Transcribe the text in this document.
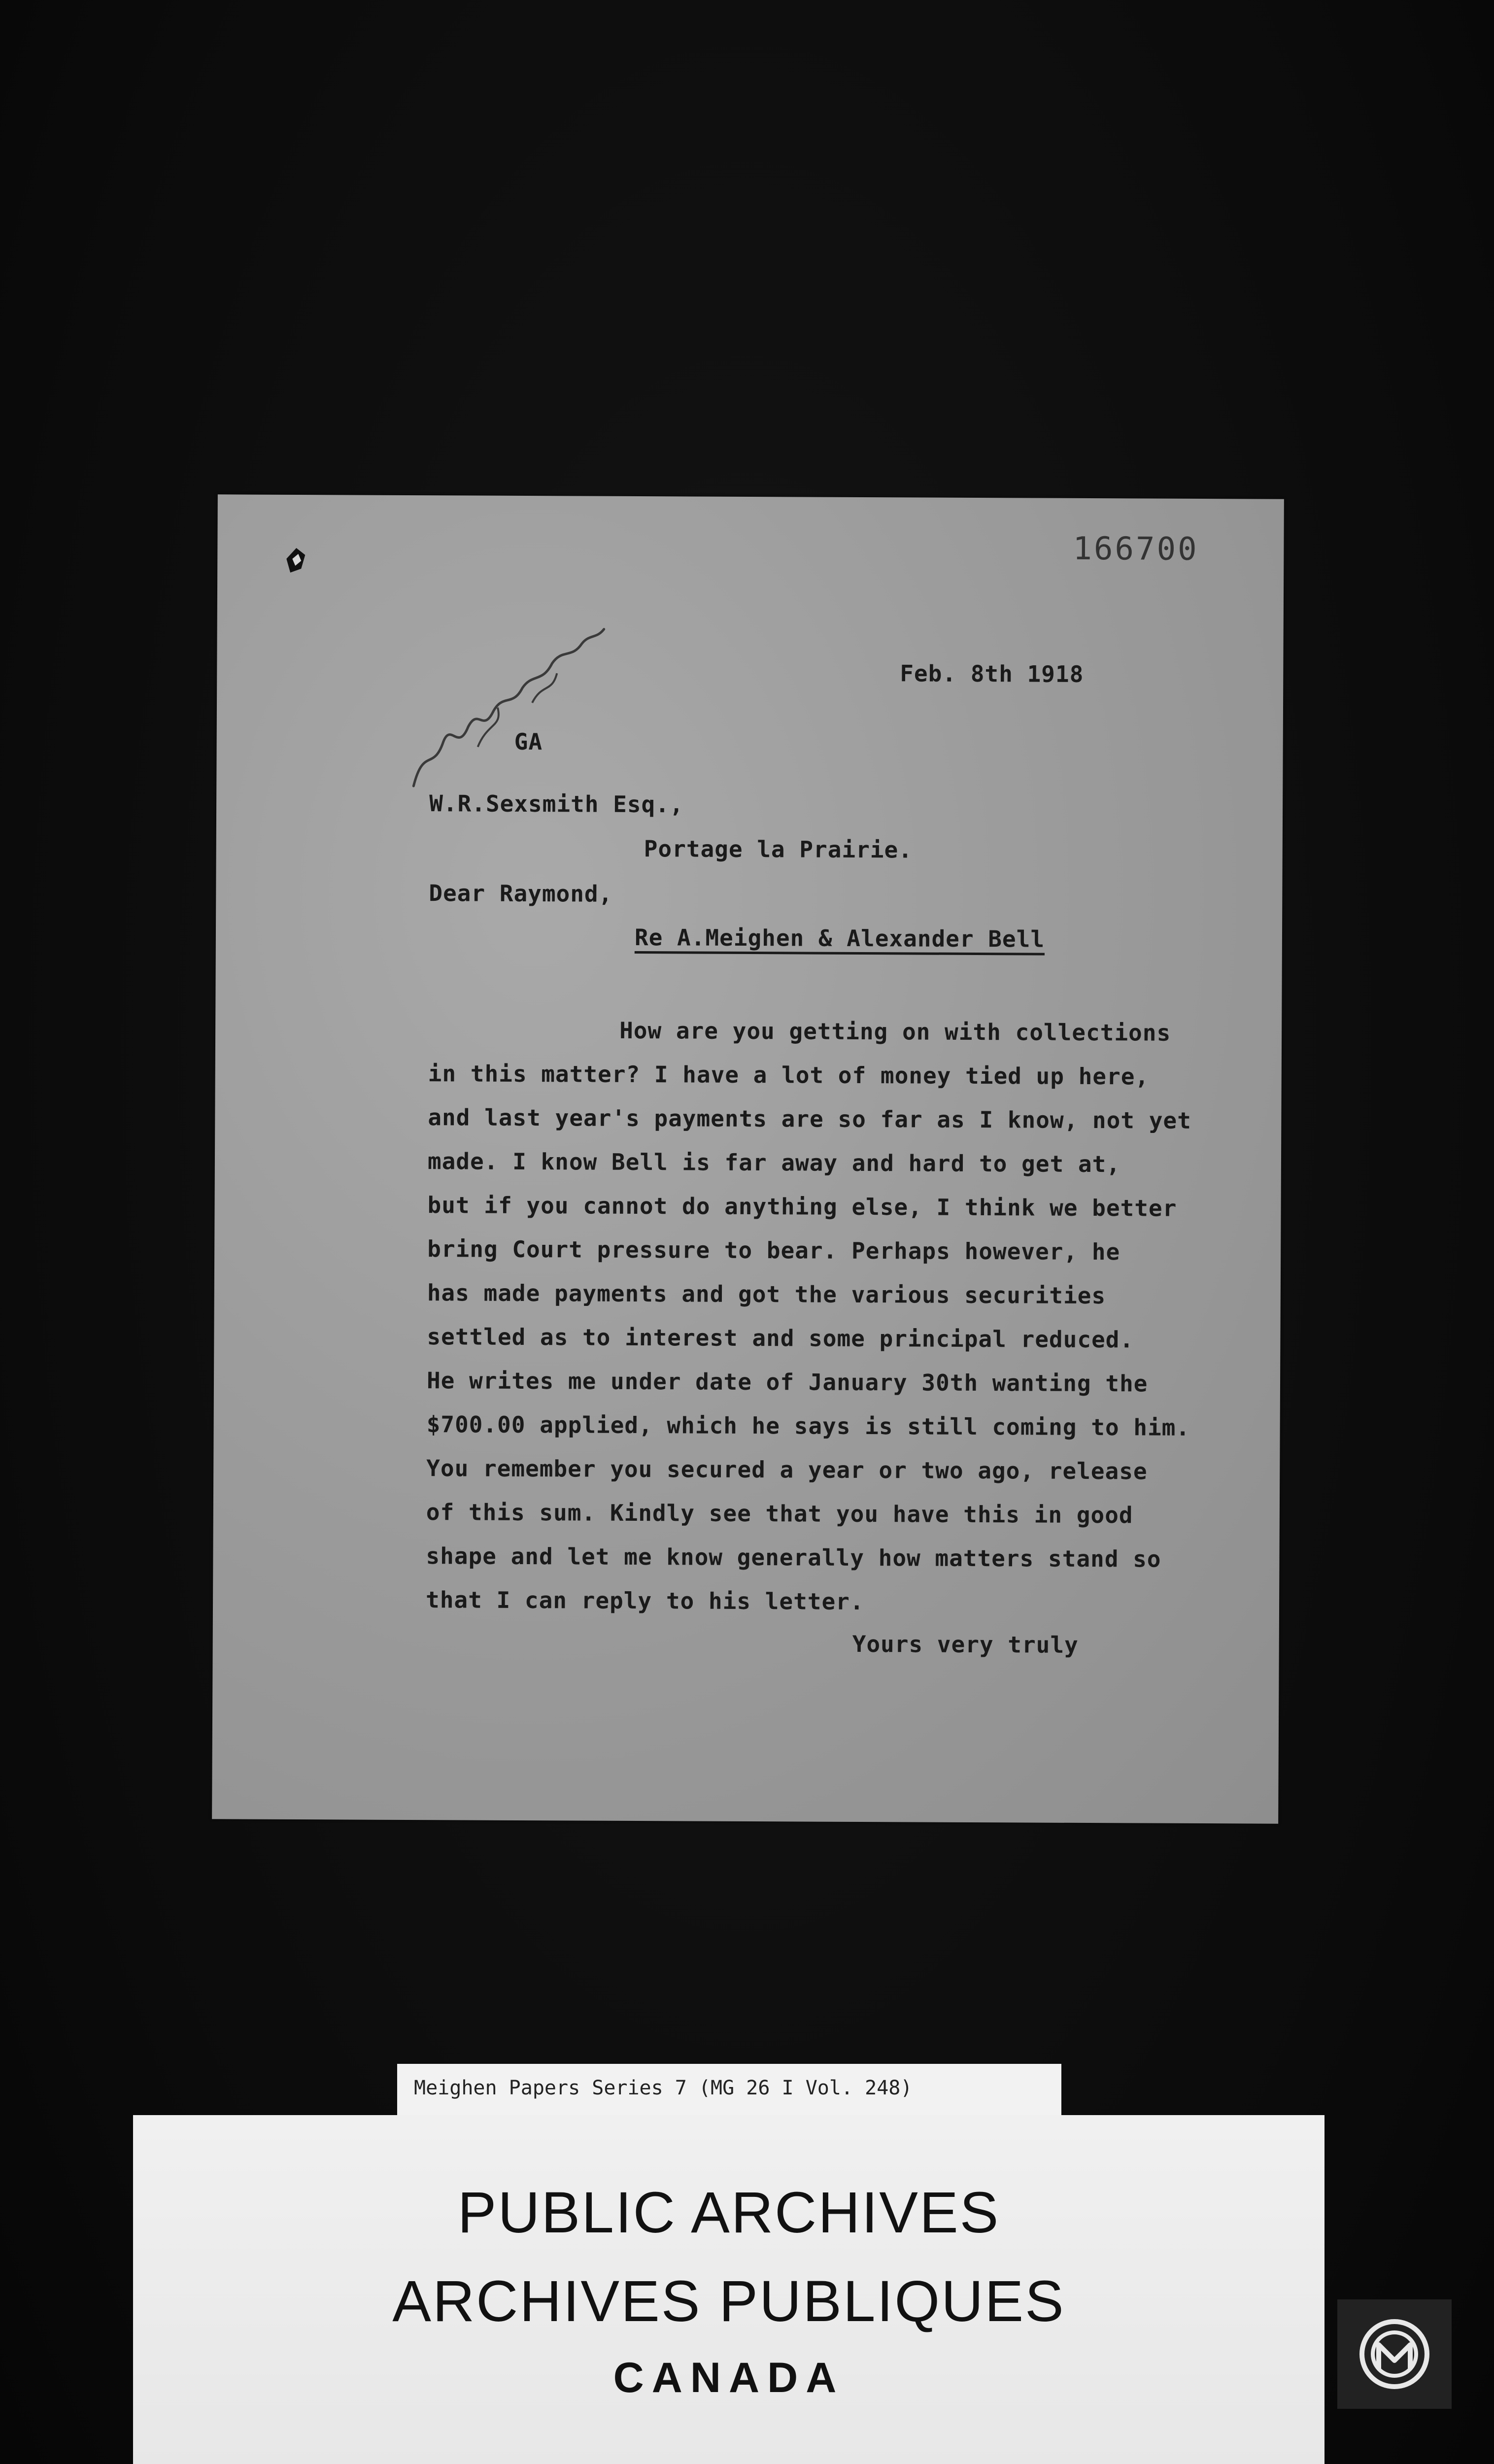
166700
Feb. 8th 1918
GA
W.R.Sexsmith Esq.,
Portage la Prairie.
Dear Raymond,
Re A.Meighen & Alexander Bell
How are you getting on with collections
in this matter? I have a lot of money tied up here,
and last year's payments are so far as I know, not yet
made. I know Bell is far away and hard to get at,
but if you cannot do anything else, I think we better
bring Court pressure to bear. Perhaps however, he
has made payments and got the various securities
settled as to interest and some principal reduced.
He writes me under date of January 30th wanting the
$700.00 applied, which he says is still coming to him.
You remember you secured a year or two ago, release
of this sum. Kindly see that you have this in good
shape and let me know generally how matters stand so
that I can reply to his letter.
Yours very truly
Meighen Papers Series 7 (MG 26 I Vol. 248)
PUBLIC ARCHIVES
ARCHIVES PUBLIQUES
CANADA
